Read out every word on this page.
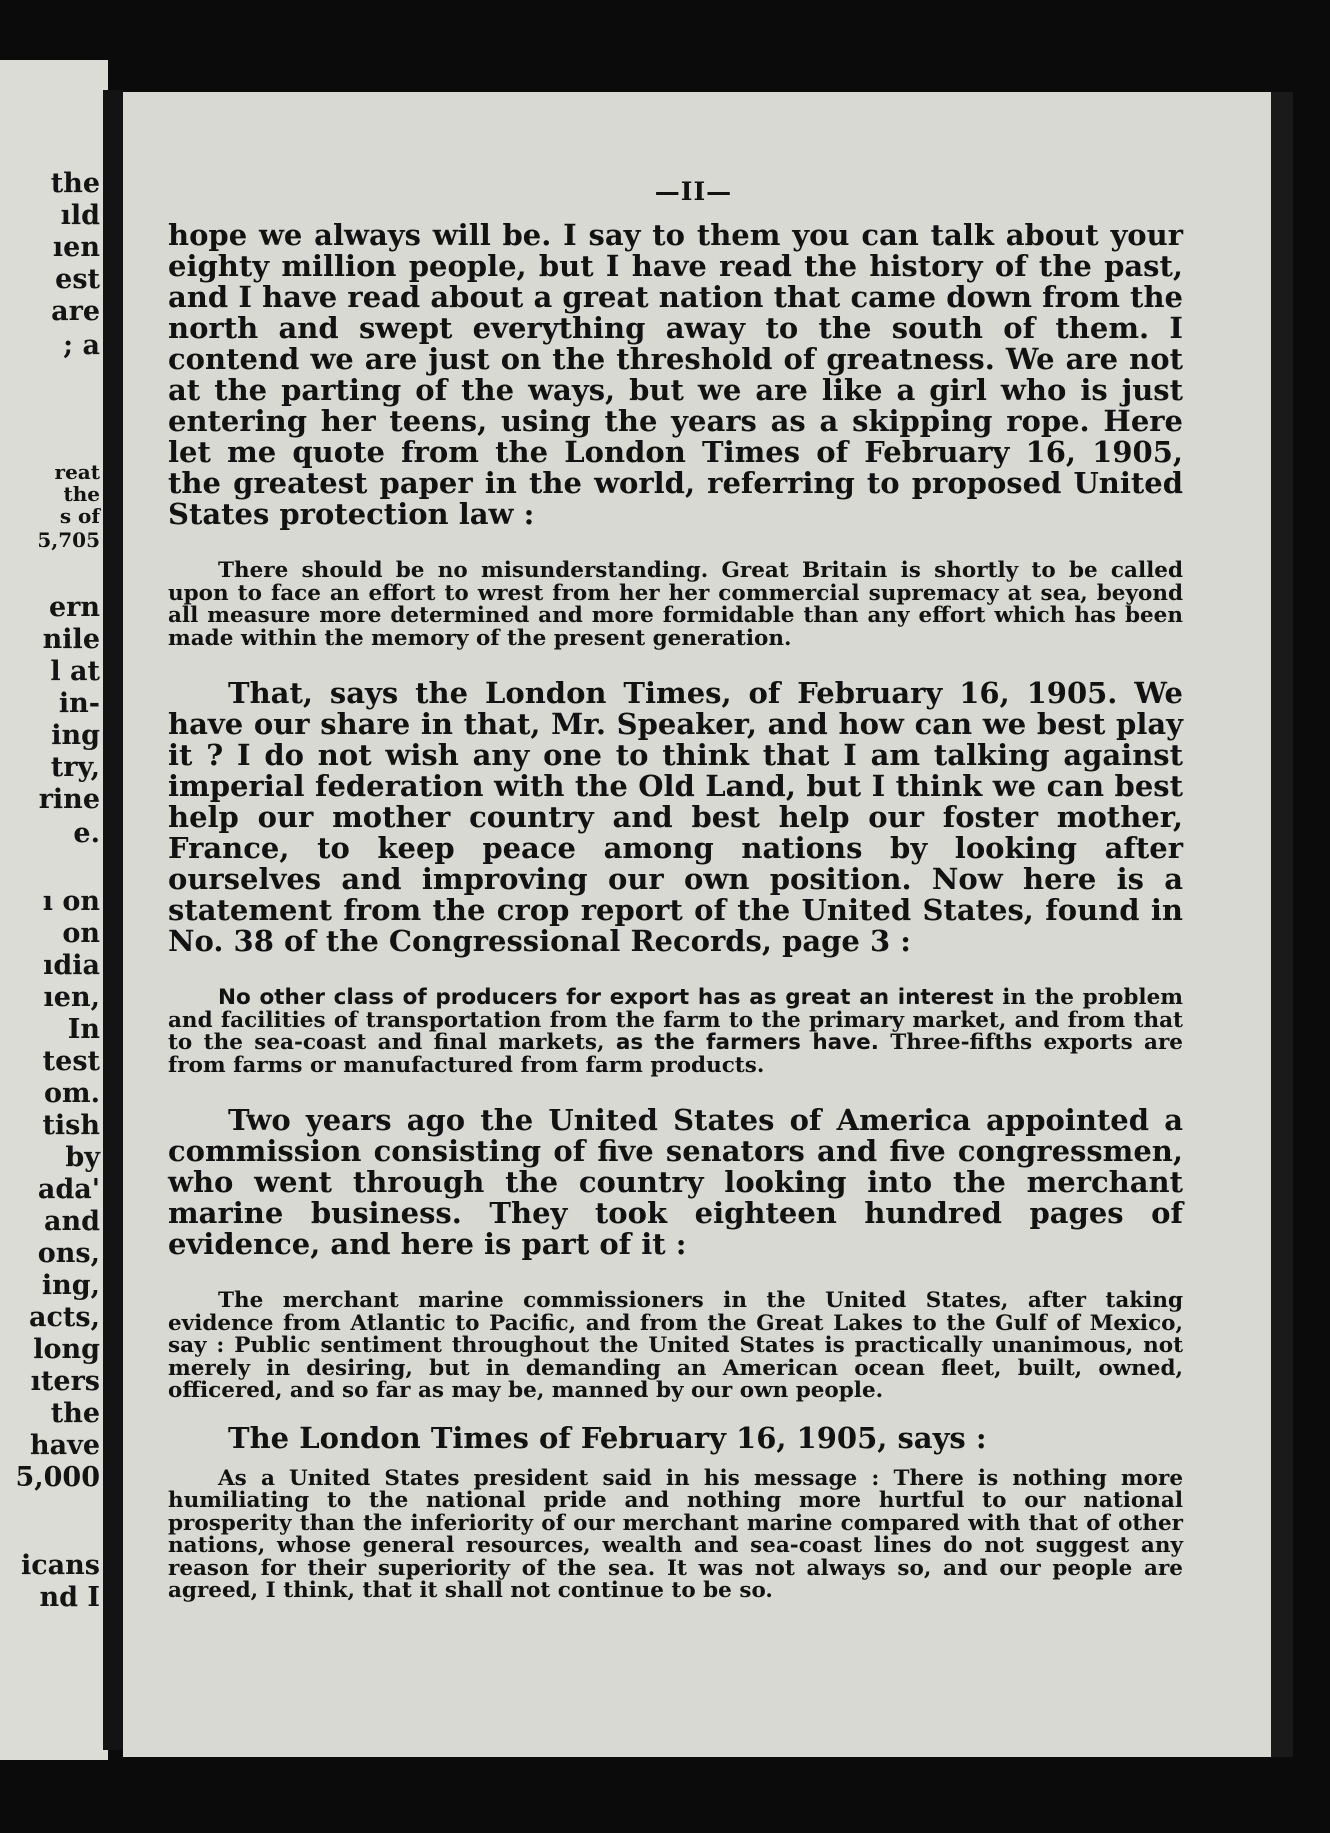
the
ıld
ıen
est
are
; a
reat
the
s of
5,705
ern
nile
l at
in-
ing
try,
rine
e.
ı on
on
ıdia
ıen,
In
test
om.
tish
by
ada'
and
ons,
ing,
acts,
long
ıters
the
have
5,000
icans
nd I
—II—

hope we always will be. I say to them you can talk about your eighty million people, but I have read the history of the past, and I have read about a great nation that came down from the north and swept everything away to the south of them. I contend we are just on the threshold of greatness. We are not at the parting of the ways, but we are like a girl who is just entering her teens, using the years as a skipping rope. Here let me quote from the London Times of February 16, 1905, the greatest paper in the world, referring to proposed United States protection law :

There should be no misunderstanding. Great Britain is shortly to be called upon to face an effort to wrest from her her commercial supremacy at sea, beyond all measure more determined and more formidable than any effort which has been made within the memory of the present generation.

That, says the London Times, of February 16, 1905. We have our share in that, Mr. Speaker, and how can we best play it ? I do not wish any one to think that I am talking against imperial federation with the Old Land, but I think we can best help our mother country and best help our foster mother, France, to keep peace among nations by looking after ourselves and improving our own position. Now here is a statement from the crop report of the United States, found in No. 38 of the Congressional Records, page 3 :

No other class of producers for export has as great an interest in the problem and facilities of transportation from the farm to the primary market, and from that to the sea-coast and final markets, as the farmers have. Three-fifths exports are from farms or manufactured from farm products.

Two years ago the United States of America appointed a commission consisting of five senators and five congressmen, who went through the country looking into the merchant marine business. They took eighteen hundred pages of evidence, and here is part of it :

The merchant marine commissioners in the United States, after taking evidence from Atlantic to Pacific, and from the Great Lakes to the Gulf of Mexico, say : Public sentiment throughout the United States is practically unanimous, not merely in desiring, but in demanding an American ocean fleet, built, owned, officered, and so far as may be, manned by our own people.

The London Times of February 16, 1905, says :

As a United States president said in his message : There is nothing more humiliating to the national pride and nothing more hurtful to our national prosperity than the inferiority of our merchant marine compared with that of other nations, whose general resources, wealth and sea-coast lines do not suggest any reason for their superiority of the sea. It was not always so, and our people are agreed, I think, that it shall not continue to be so.
